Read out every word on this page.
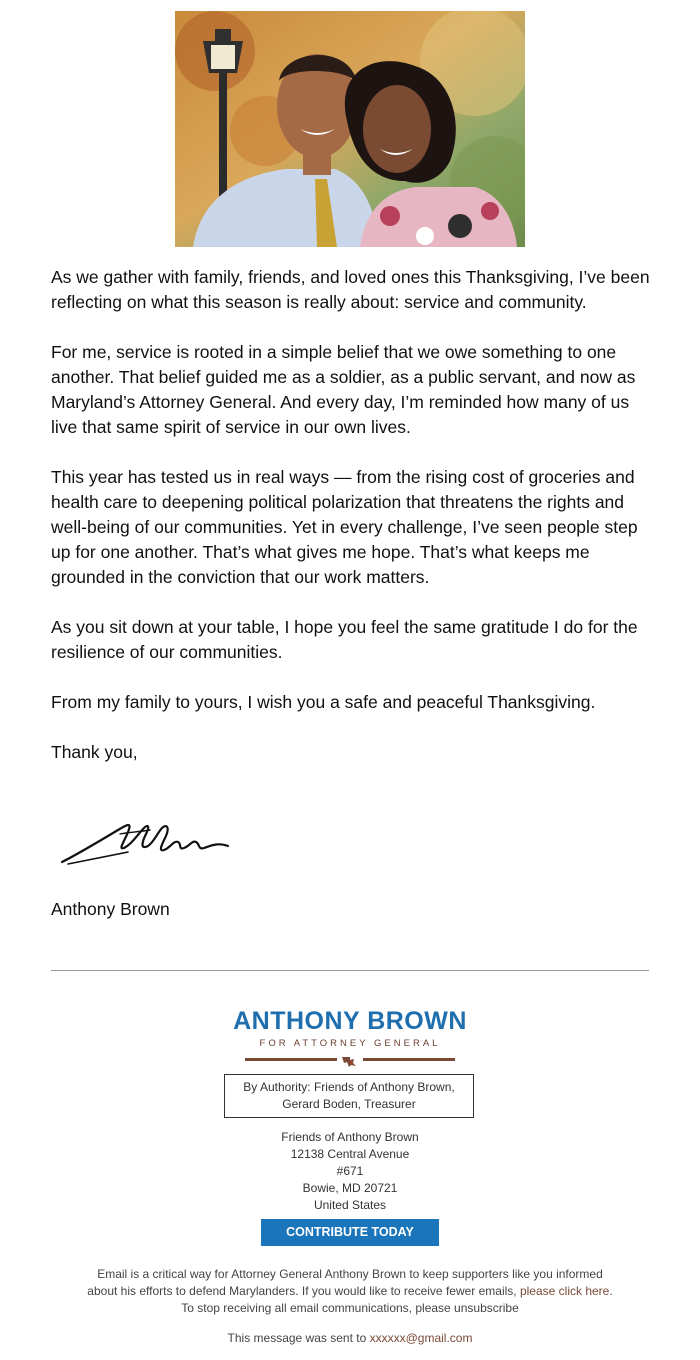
As we gather with family, friends, and loved ones this Thanksgiving, I’ve been reflecting on what this season is really about: service and community.

For me, service is rooted in a simple belief that we owe something to one another. That belief guided me as a soldier, as a public servant, and now as Maryland’s Attorney General. And every day, I’m reminded how many of us live that same spirit of service in our own lives.

This year has tested us in real ways — from the rising cost of groceries and health care to deepening political polarization that threatens the rights and well-being of our communities. Yet in every challenge, I’ve seen people step up for one another. That’s what gives me hope. That’s what keeps me grounded in the conviction that our work matters.

As you sit down at your table, I hope you feel the same gratitude I do for the resilience of our communities.

From my family to yours, I wish you a safe and peaceful Thanksgiving.

Thank you,

Anthony Brown
ANTHONY BROWN
FOR ATTORNEY GENERAL
By Authority: Friends of Anthony Brown,
Gerard Boden, Treasurer
Friends of Anthony Brown
12138 Central Avenue
#671
Bowie, MD 20721
United States
CONTRIBUTE TODAY
Email is a critical way for Attorney General Anthony Brown to keep supporters like you informed
about his efforts to defend Marylanders. If you would like to receive fewer emails, please click here.
To stop receiving all email communications, please unsubscribe
This message was sent to xxxxxx@gmail.com
